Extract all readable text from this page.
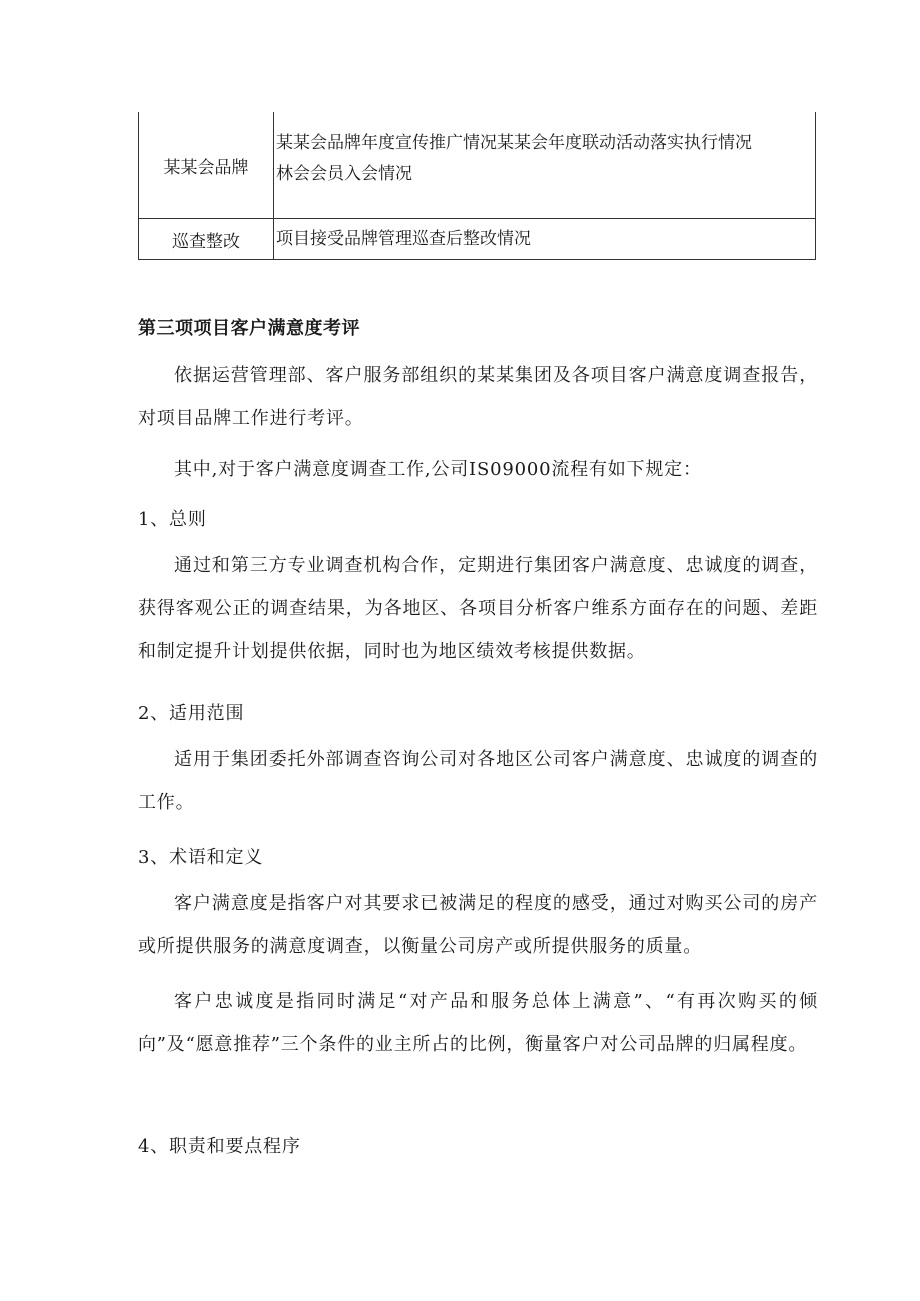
某某会品牌	某某会品牌年度宣传推广情况某某会年度联动活动落实执行情况
林会会员入会情况

巡查整改	项目接受品牌管理巡查后整改情况
第三项项目客户满意度考评
依据运营管理部、客户服务部组织的某某集团及各项目客户满意度调查报告，对项目品牌工作进行考评。
其中,对于客户满意度调查工作,公司IS09000流程有如下规定：
1、总则
通过和第三方专业调查机构合作，定期进行集团客户满意度、忠诚度的调查，获得客观公正的调查结果，为各地区、各项目分析客户维系方面存在的问题、差距和制定提升计划提供依据，同时也为地区绩效考核提供数据。
2、适用范围
适用于集团委托外部调查咨询公司对各地区公司客户满意度、忠诚度的调查的工作。
3、术语和定义
客户满意度是指客户对其要求已被满足的程度的感受，通过对购买公司的房产或所提供服务的满意度调查，以衡量公司房产或所提供服务的质量。
客户忠诚度是指同时满足“对产品和服务总体上满意”、“有再次购买的倾向”及“愿意推荐”三个条件的业主所占的比例，衡量客户对公司品牌的归属程度。
4、职责和要点程序
